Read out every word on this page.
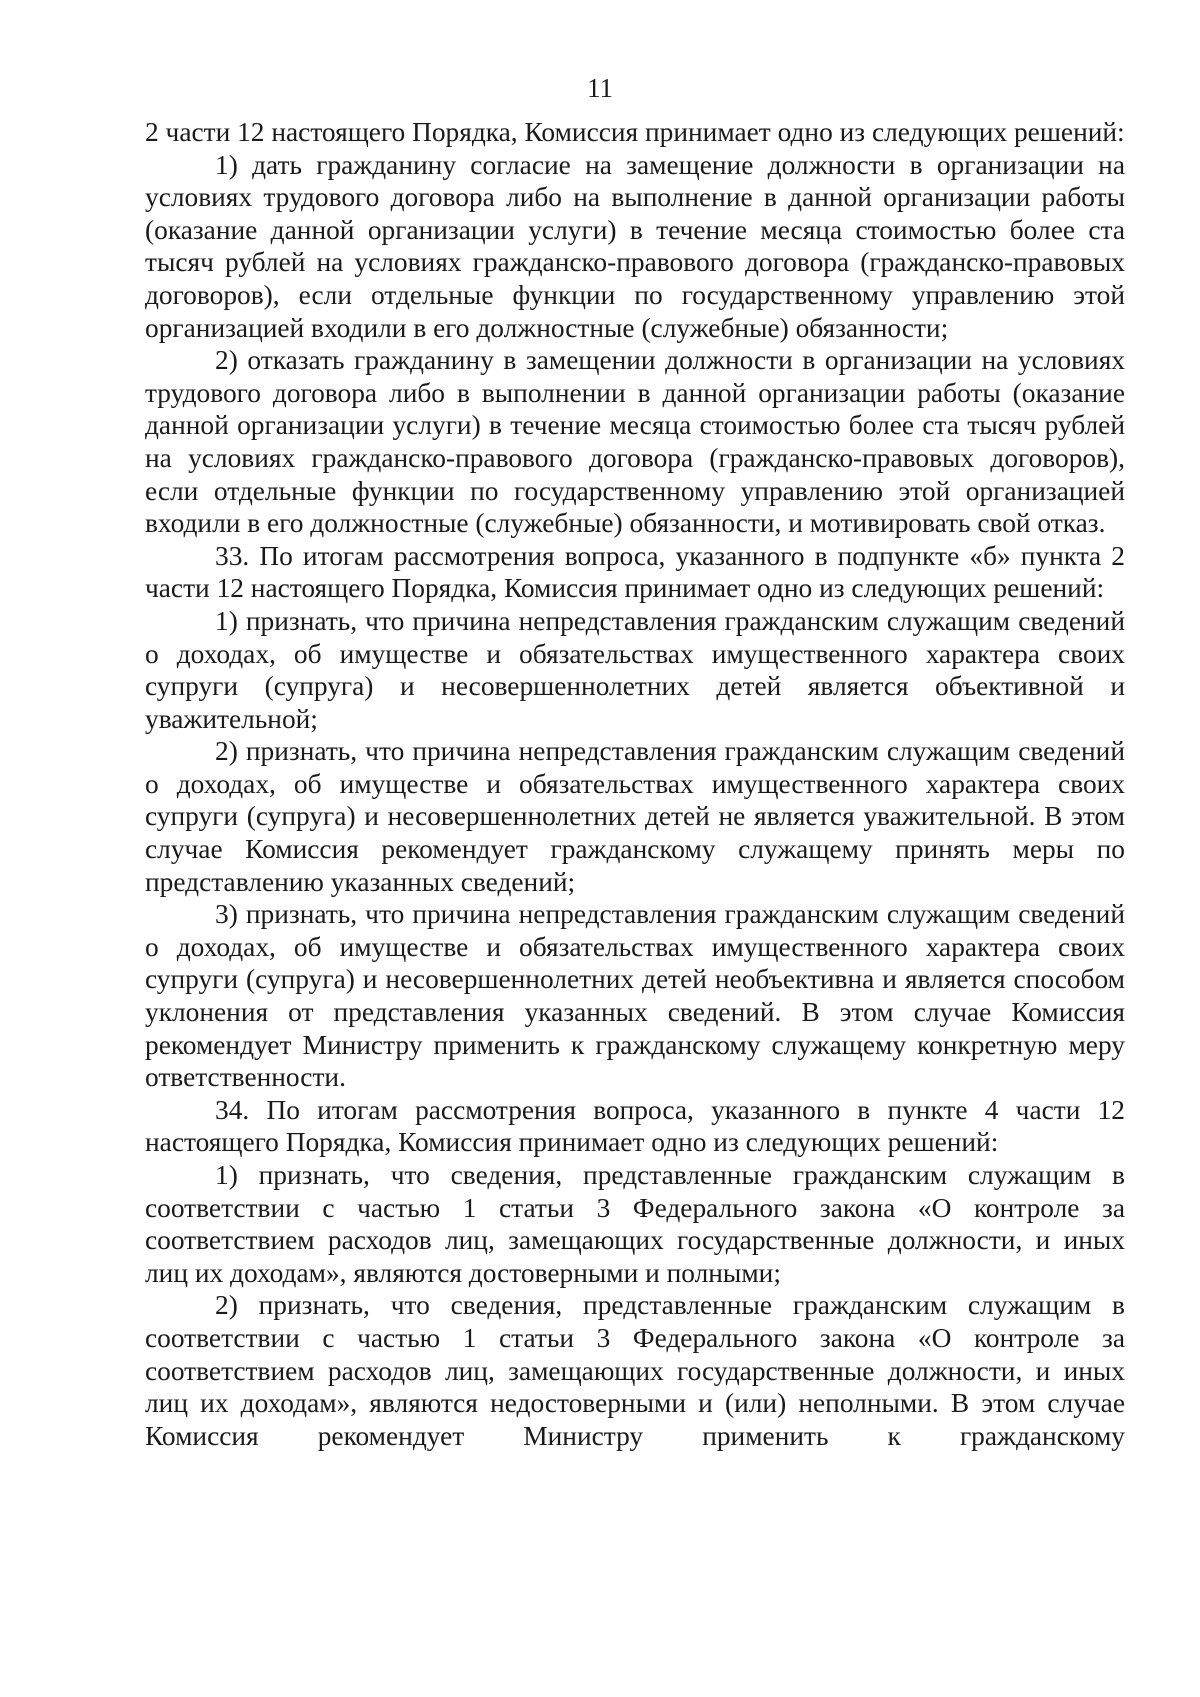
11

2 части 12 настоящего Порядка, Комиссия принимает одно из следующих решений:

1) дать гражданину согласие на замещение должности в организации на условиях трудового договора либо на выполнение в данной организации работы (оказание данной организации услуги) в течение месяца стоимостью более ста тысяч рублей на условиях гражданско-правового договора (гражданско-правовых договоров), если отдельные функции по государственному управлению этой организацией входили в его должностные (служебные) обязанности;

2) отказать гражданину в замещении должности в организации на условиях трудового договора либо в выполнении в данной организации работы (оказание данной организации услуги) в течение месяца стоимостью более ста тысяч рублей на условиях гражданско-правового договора (гражданско-правовых договоров), если отдельные функции по государственному управлению этой организацией входили в его должностные (служебные) обязанности, и мотивировать свой отказ.

33. По итогам рассмотрения вопроса, указанного в подпункте «б» пункта 2 части 12 настоящего Порядка, Комиссия принимает одно из следующих решений:

1) признать, что причина непредставления гражданским служащим сведений о доходах, об имуществе и обязательствах имущественного характера своих супруги (супруга) и несовершеннолетних детей является объективной и уважительной;

2) признать, что причина непредставления гражданским служащим сведений о доходах, об имуществе и обязательствах имущественного характера своих супруги (супруга) и несовершеннолетних детей не является уважительной. В этом случае Комиссия рекомендует гражданскому служащему принять меры по представлению указанных сведений;

3) признать, что причина непредставления гражданским служащим сведений о доходах, об имуществе и обязательствах имущественного характера своих супруги (супруга) и несовершеннолетних детей необъективна и является способом уклонения от представления указанных сведений. В этом случае Комиссия рекомендует Министру применить к гражданскому служащему конкретную меру ответственности.

34. По итогам рассмотрения вопроса, указанного в пункте 4 части 12 настоящего Порядка, Комиссия принимает одно из следующих решений:

1) признать, что сведения, представленные гражданским служащим в соответствии с частью 1 статьи 3 Федерального закона «О контроле за соответствием расходов лиц, замещающих государственные должности, и иных лиц их доходам», являются достоверными и полными;

2) признать, что сведения, представленные гражданским служащим в соответствии с частью 1 статьи 3 Федерального закона «О контроле за соответствием расходов лиц, замещающих государственные должности, и иных лиц их доходам», являются недостоверными и (или) неполными. В этом случае Комиссия рекомендует Министру применить к гражданскому
